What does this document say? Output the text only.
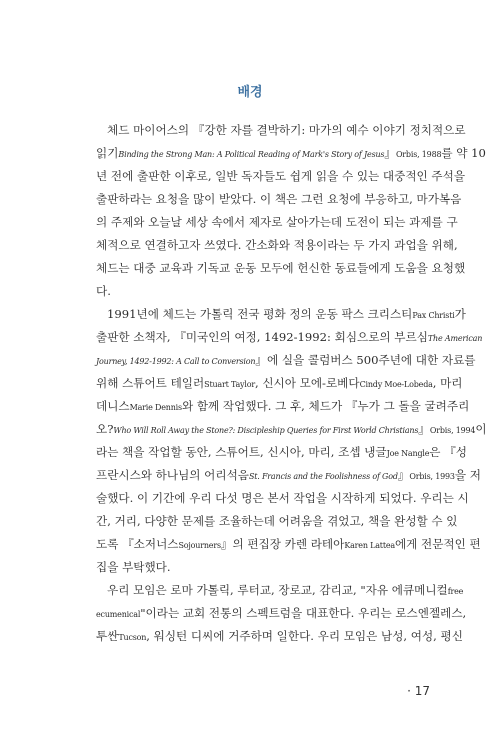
배경
체드 마이어스의 『강한 자를 결박하기: 마가의 예수 이야기 정치적으로
읽기Binding the Strong Man: A Political Reading of Mark's Story of Jesus』Orbis, 1988를 약 10
년 전에 출판한 이후로, 일반 독자들도 쉽게 읽을 수 있는 대중적인 주석을
출판하라는 요청을 많이 받았다. 이 책은 그런 요청에 부응하고, 마가복음
의 주제와 오늘날 세상 속에서 제자로 살아가는데 도전이 되는 과제를 구
체적으로 연결하고자 쓰였다. 간소화와 적용이라는 두 가지 과업을 위해,
체드는 대중 교육과 기독교 운동 모두에 헌신한 동료들에게 도움을 요청했
다.
1991년에 체드는 가톨릭 전국 평화 정의 운동 팍스 크리스티Pax Christi가
출판한 소책자, 『미국인의 여정, 1492-1992: 회심으로의 부르심The American
Journey, 1492-1992: A Call to Conversion』에 실을 콜럼버스 500주년에 대한 자료를
위해 스튜어트 테일러Stuart Taylor, 신시아 모에-로베다Cindy Moe-Lobeda, 마리
데니스Marie Dennis와 함께 작업했다. 그 후, 체드가 『누가 그 돌을 굴려주리
오?Who Will Roll Away the Stone?: Discipleship Queries for First World Christians』Orbis, 1994이
라는 책을 작업할 동안, 스튜어트, 신시아, 마리, 조셉 냉글Joe Nangle은 『성
프란시스와 하나님의 어리석음St. Francis and the Foolishness of God』Orbis, 1993을 저
술했다. 이 기간에 우리 다섯 명은 본서 작업을 시작하게 되었다. 우리는 시
간, 거리, 다양한 문제를 조율하는데 어려움을 겪었고, 책을 완성할 수 있
도록 『소저너스Sojourners』의 편집장 카렌 라테아Karen Lattea에게 전문적인 편
집을 부탁했다.
우리 모임은 로마 가톨릭, 루터교, 장로교, 감리교, "자유 에큐메니컬free
ecumenical"이라는 교회 전통의 스펙트럼을 대표한다. 우리는 로스엔젤레스,
투싼Tucson, 워싱턴 디씨에 거주하며 일한다. 우리 모임은 남성, 여성, 평신
· 17
